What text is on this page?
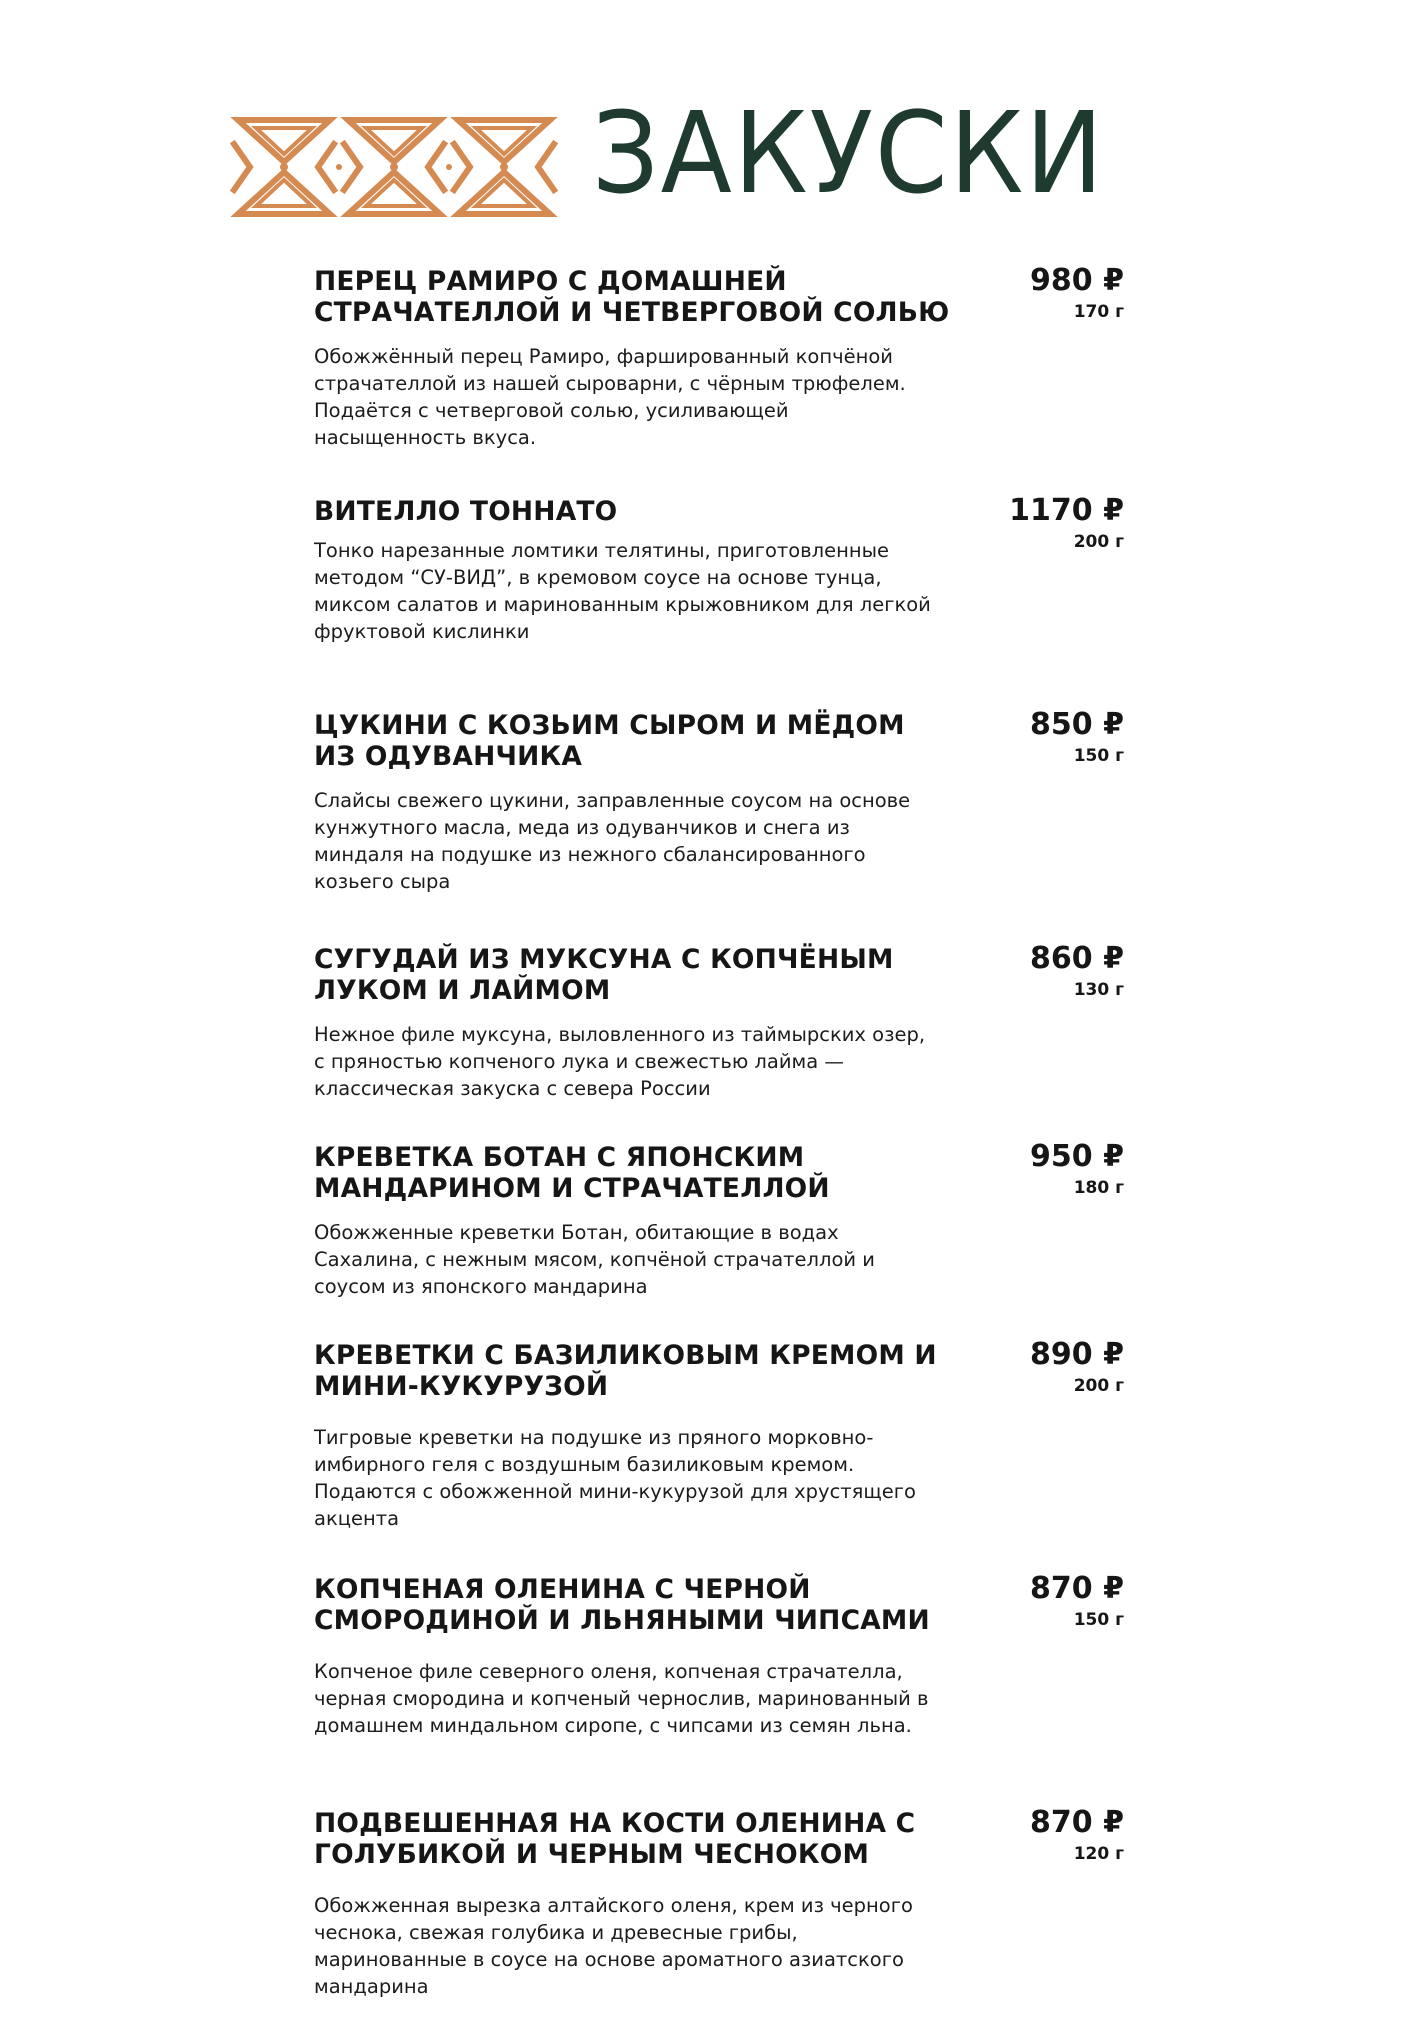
ЗАКУСКИ
ПЕРЕЦ РАМИРО С ДОМАШНЕЙ СТРАЧАТЕЛЛОЙ И ЧЕТВЕРГОВОЙ СОЛЬЮ
Обожжённый перец Рамиро, фаршированный копчёной страчателлой из нашей сыроварни, с чёрным трюфелем. Подаётся с четверговой солью, усиливающей насыщенность вкуса.
980 ₽
170 г
ВИТЕЛЛО ТОННАТО
Тонко нарезанные ломтики телятины, приготовленные методом “СУ-ВИД”, в кремовом соусе на основе тунца, миксом салатов и маринованным крыжовником для легкой фруктовой кислинки
1170 ₽
200 г
ЦУКИНИ С КОЗЬИМ СЫРОМ И МЁДОМ ИЗ ОДУВАНЧИКА
Слайсы свежего цукини, заправленные соусом на основе кунжутного масла, меда из одуванчиков и снега из миндаля на подушке из нежного сбалансированного козьего сыра
850 ₽
150 г
СУГУДАЙ ИЗ МУКСУНА С КОПЧЁНЫМ ЛУКОМ И ЛАЙМОМ
Нежное филе муксуна, выловленного из таймырских озер, с пряностью копченого лука и свежестью лайма — классическая закуска с севера России
860 ₽
130 г
КРЕВЕТКА БОТАН С ЯПОНСКИМ МАНДАРИНОМ И СТРАЧАТЕЛЛОЙ
Обожженные креветки Ботан, обитающие в водах Сахалина, с нежным мясом, копчёной страчателлой и соусом из японского мандарина
950 ₽
180 г
КРЕВЕТКИ С БАЗИЛИКОВЫМ КРЕМОМ И МИНИ-КУКУРУЗОЙ
Тигровые креветки на подушке из пряного морковно-имбирного геля с воздушным базиликовым кремом. Подаются с обожженной мини-кукурузой для хрустящего акцента
890 ₽
200 г
КОПЧЕНАЯ ОЛЕНИНА С ЧЕРНОЙ СМОРОДИНОЙ И ЛЬНЯНЫМИ ЧИПСАМИ
Копченое филе северного оленя, копченая страчателла, черная смородина и копченый чернослив, маринованный в домашнем миндальном сиропе, с чипсами из семян льна.
870 ₽
150 г
ПОДВЕШЕННАЯ НА КОСТИ ОЛЕНИНА С ГОЛУБИКОЙ И ЧЕРНЫМ ЧЕСНОКОМ
Обожженная вырезка алтайского оленя, крем из черного чеснока, свежая голубика и древесные грибы, маринованные в соусе на основе ароматного азиатского мандарина
870 ₽
120 г
